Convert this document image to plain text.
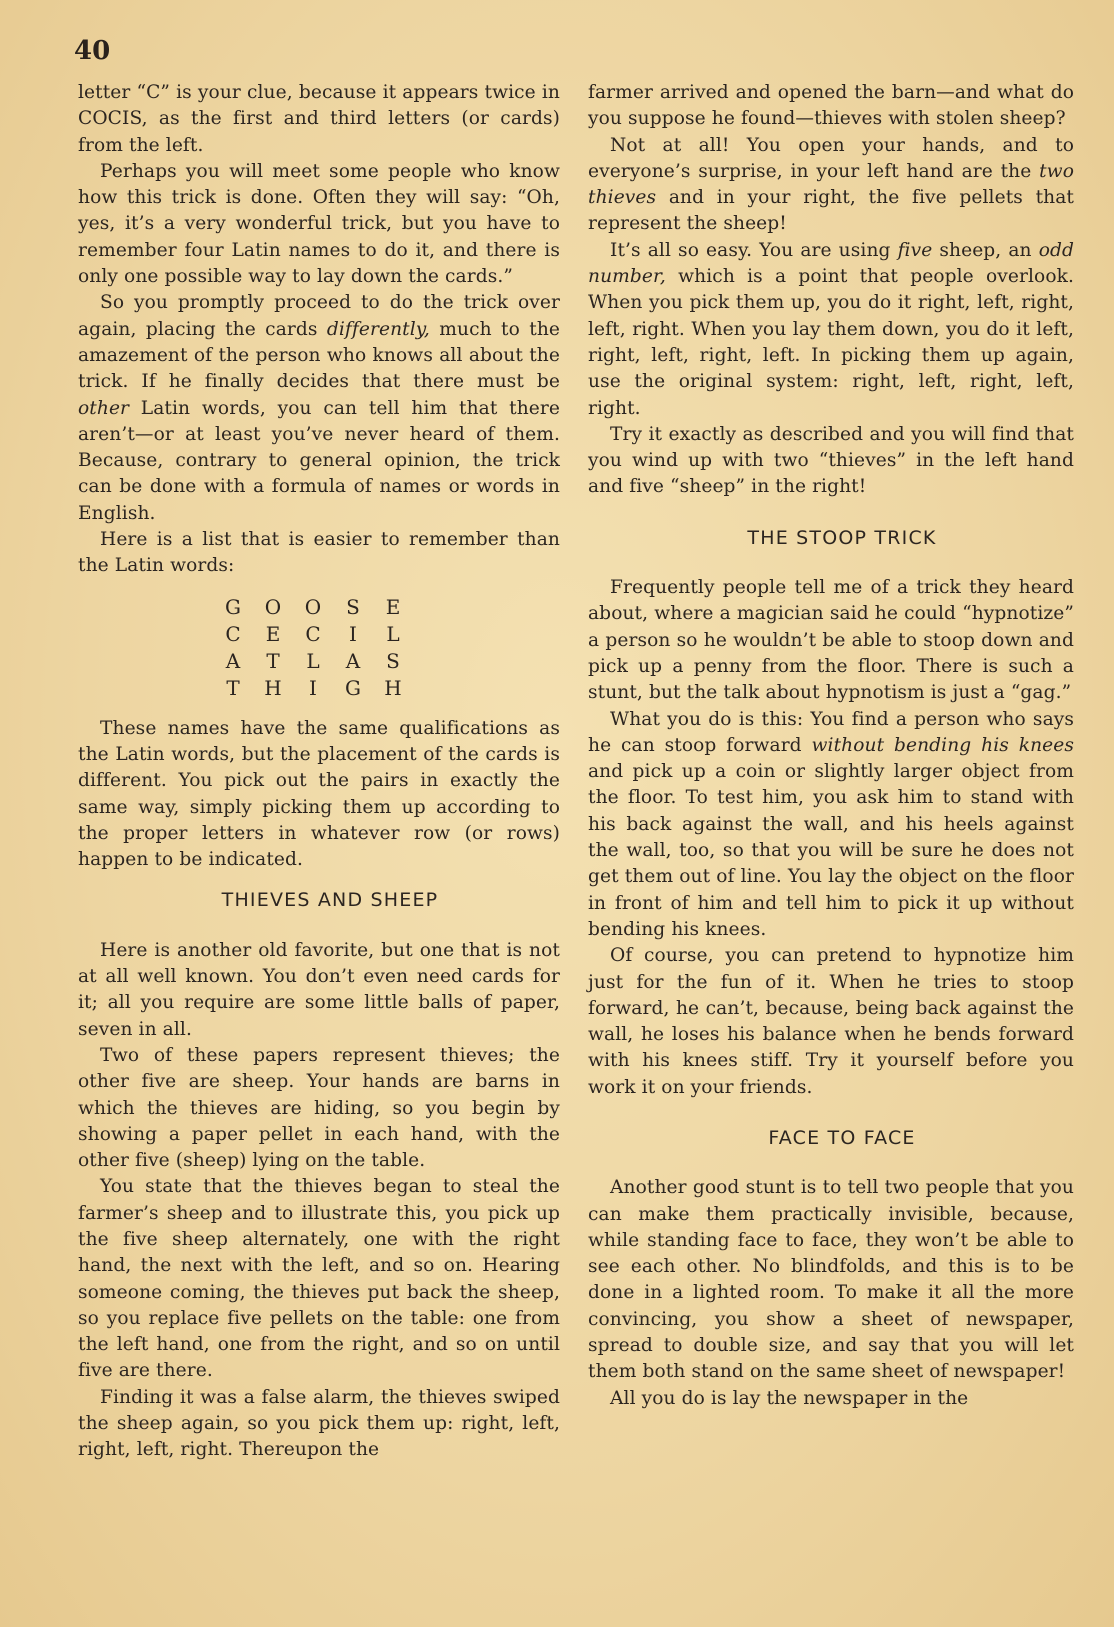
40

letter “C” is your clue, because it appears twice in COCIS, as the first and third letters (or cards) from the left.

Perhaps you will meet some people who know how this trick is done. Often they will say: “Oh, yes, it’s a very wonderful trick, but you have to remember four Latin names to do it, and there is only one possible way to lay down the cards.”

So you promptly proceed to do the trick over again, placing the cards differently, much to the amazement of the person who knows all about the trick. If he finally decides that there must be other Latin words, you can tell him that there aren’t—or at least you’ve never heard of them. Because, contrary to general opinion, the trick can be done with a formula of names or words in English.

Here is a list that is easier to remember than the Latin words:

G	O	O	S	E
C	E	C	I	L
A	T	L	A	S
T	H	I	G	H

These names have the same qualifications as the Latin words, but the placement of the cards is different. You pick out the pairs in exactly the same way, simply picking them up according to the proper letters in whatever row (or rows) happen to be indicated.

THIEVES AND SHEEP

Here is another old favorite, but one that is not at all well known. You don’t even need cards for it; all you require are some little balls of paper, seven in all.

Two of these papers represent thieves; the other five are sheep. Your hands are barns in which the thieves are hiding, so you begin by showing a paper pellet in each hand, with the other five (sheep) lying on the table.

You state that the thieves began to steal the farmer’s sheep and to illustrate this, you pick up the five sheep alternately, one with the right hand, the next with the left, and so on. Hearing someone coming, the thieves put back the sheep, so you replace five pellets on the table: one from the left hand, one from the right, and so on until five are there.

Finding it was a false alarm, the thieves swiped the sheep again, so you pick them up: right, left, right, left, right. Thereupon the

farmer arrived and opened the barn—and what do you suppose he found—thieves with stolen sheep?

Not at all! You open your hands, and to everyone’s surprise, in your left hand are the two thieves and in your right, the five pellets that represent the sheep!

It’s all so easy. You are using five sheep, an odd number, which is a point that people overlook. When you pick them up, you do it right, left, right, left, right. When you lay them down, you do it left, right, left, right, left. In picking them up again, use the original system: right, left, right, left, right.

Try it exactly as described and you will find that you wind up with two “thieves” in the left hand and five “sheep” in the right!

THE STOOP TRICK

Frequently people tell me of a trick they heard about, where a magician said he could “hypnotize” a person so he wouldn’t be able to stoop down and pick up a penny from the floor. There is such a stunt, but the talk about hypnotism is just a “gag.”

What you do is this: You find a person who says he can stoop forward without bending his knees and pick up a coin or slightly larger object from the floor. To test him, you ask him to stand with his back against the wall, and his heels against the wall, too, so that you will be sure he does not get them out of line. You lay the object on the floor in front of him and tell him to pick it up without bending his knees.

Of course, you can pretend to hypnotize him just for the fun of it. When he tries to stoop forward, he can’t, because, being back against the wall, he loses his balance when he bends forward with his knees stiff. Try it yourself before you work it on your friends.

FACE TO FACE

Another good stunt is to tell two people that you can make them practically invisible, because, while standing face to face, they won’t be able to see each other. No blindfolds, and this is to be done in a lighted room. To make it all the more convincing, you show a sheet of newspaper, spread to double size, and say that you will let them both stand on the same sheet of newspaper!

All you do is lay the newspaper in the
